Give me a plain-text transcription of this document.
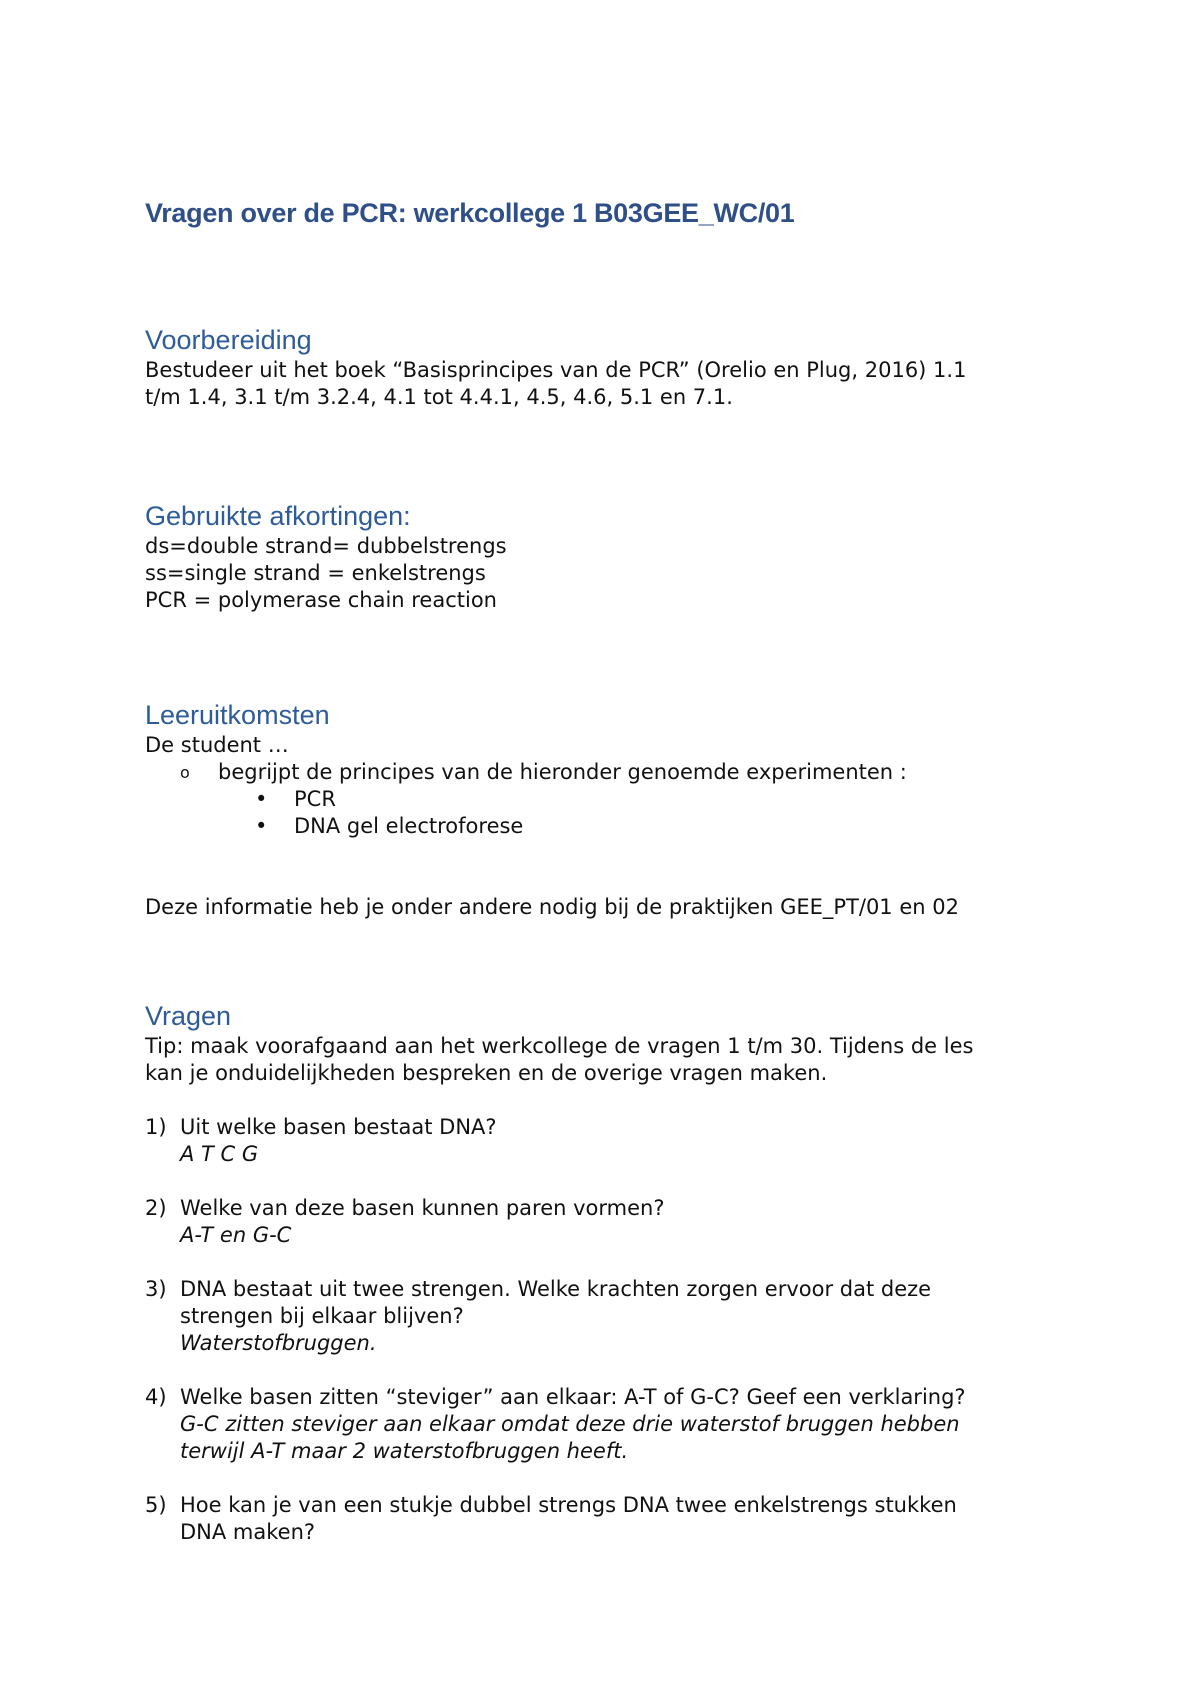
Vragen over de PCR: werkcollege 1 B03GEE_WC/01
Voorbereiding

Bestudeer uit het boek “Basisprincipes van de PCR” (Orelio en Plug, 2016) 1.1

t/m 1.4, 3.1 t/m 3.2.4, 4.1 tot 4.4.1, 4.5, 4.6, 5.1 en 7.1.

Gebruikte afkortingen:

ds=double strand= dubbelstrengs

ss=single strand = enkelstrengs

PCR = polymerase chain reaction

Leeruitkomsten

De student …

o	begrijpt de principes van de hieronder genoemde experimenten :
•	PCR
•	DNA gel electroforese

Deze informatie heb je onder andere nodig bij de praktijken GEE_PT/01 en 02

Vragen

Tip: maak voorafgaand aan het werkcollege de vragen 1 t/m 30. Tijdens de les

kan je onduidelijkheden bespreken en de overige vragen maken.

1) Uit welke basen bestaat DNA?

A T C G

2) Welke van deze basen kunnen paren vormen?

A-T en G-C

3) DNA bestaat uit twee strengen. Welke krachten zorgen ervoor dat deze

strengen bij elkaar blijven?

Waterstofbruggen.

4) Welke basen zitten “steviger” aan elkaar: A-T of G-C? Geef een verklaring?

G-C zitten steviger aan elkaar omdat deze drie waterstof bruggen hebben

terwijl A-T maar 2 waterstofbruggen heeft.

5) Hoe kan je van een stukje dubbel strengs DNA twee enkelstrengs stukken

DNA maken?
